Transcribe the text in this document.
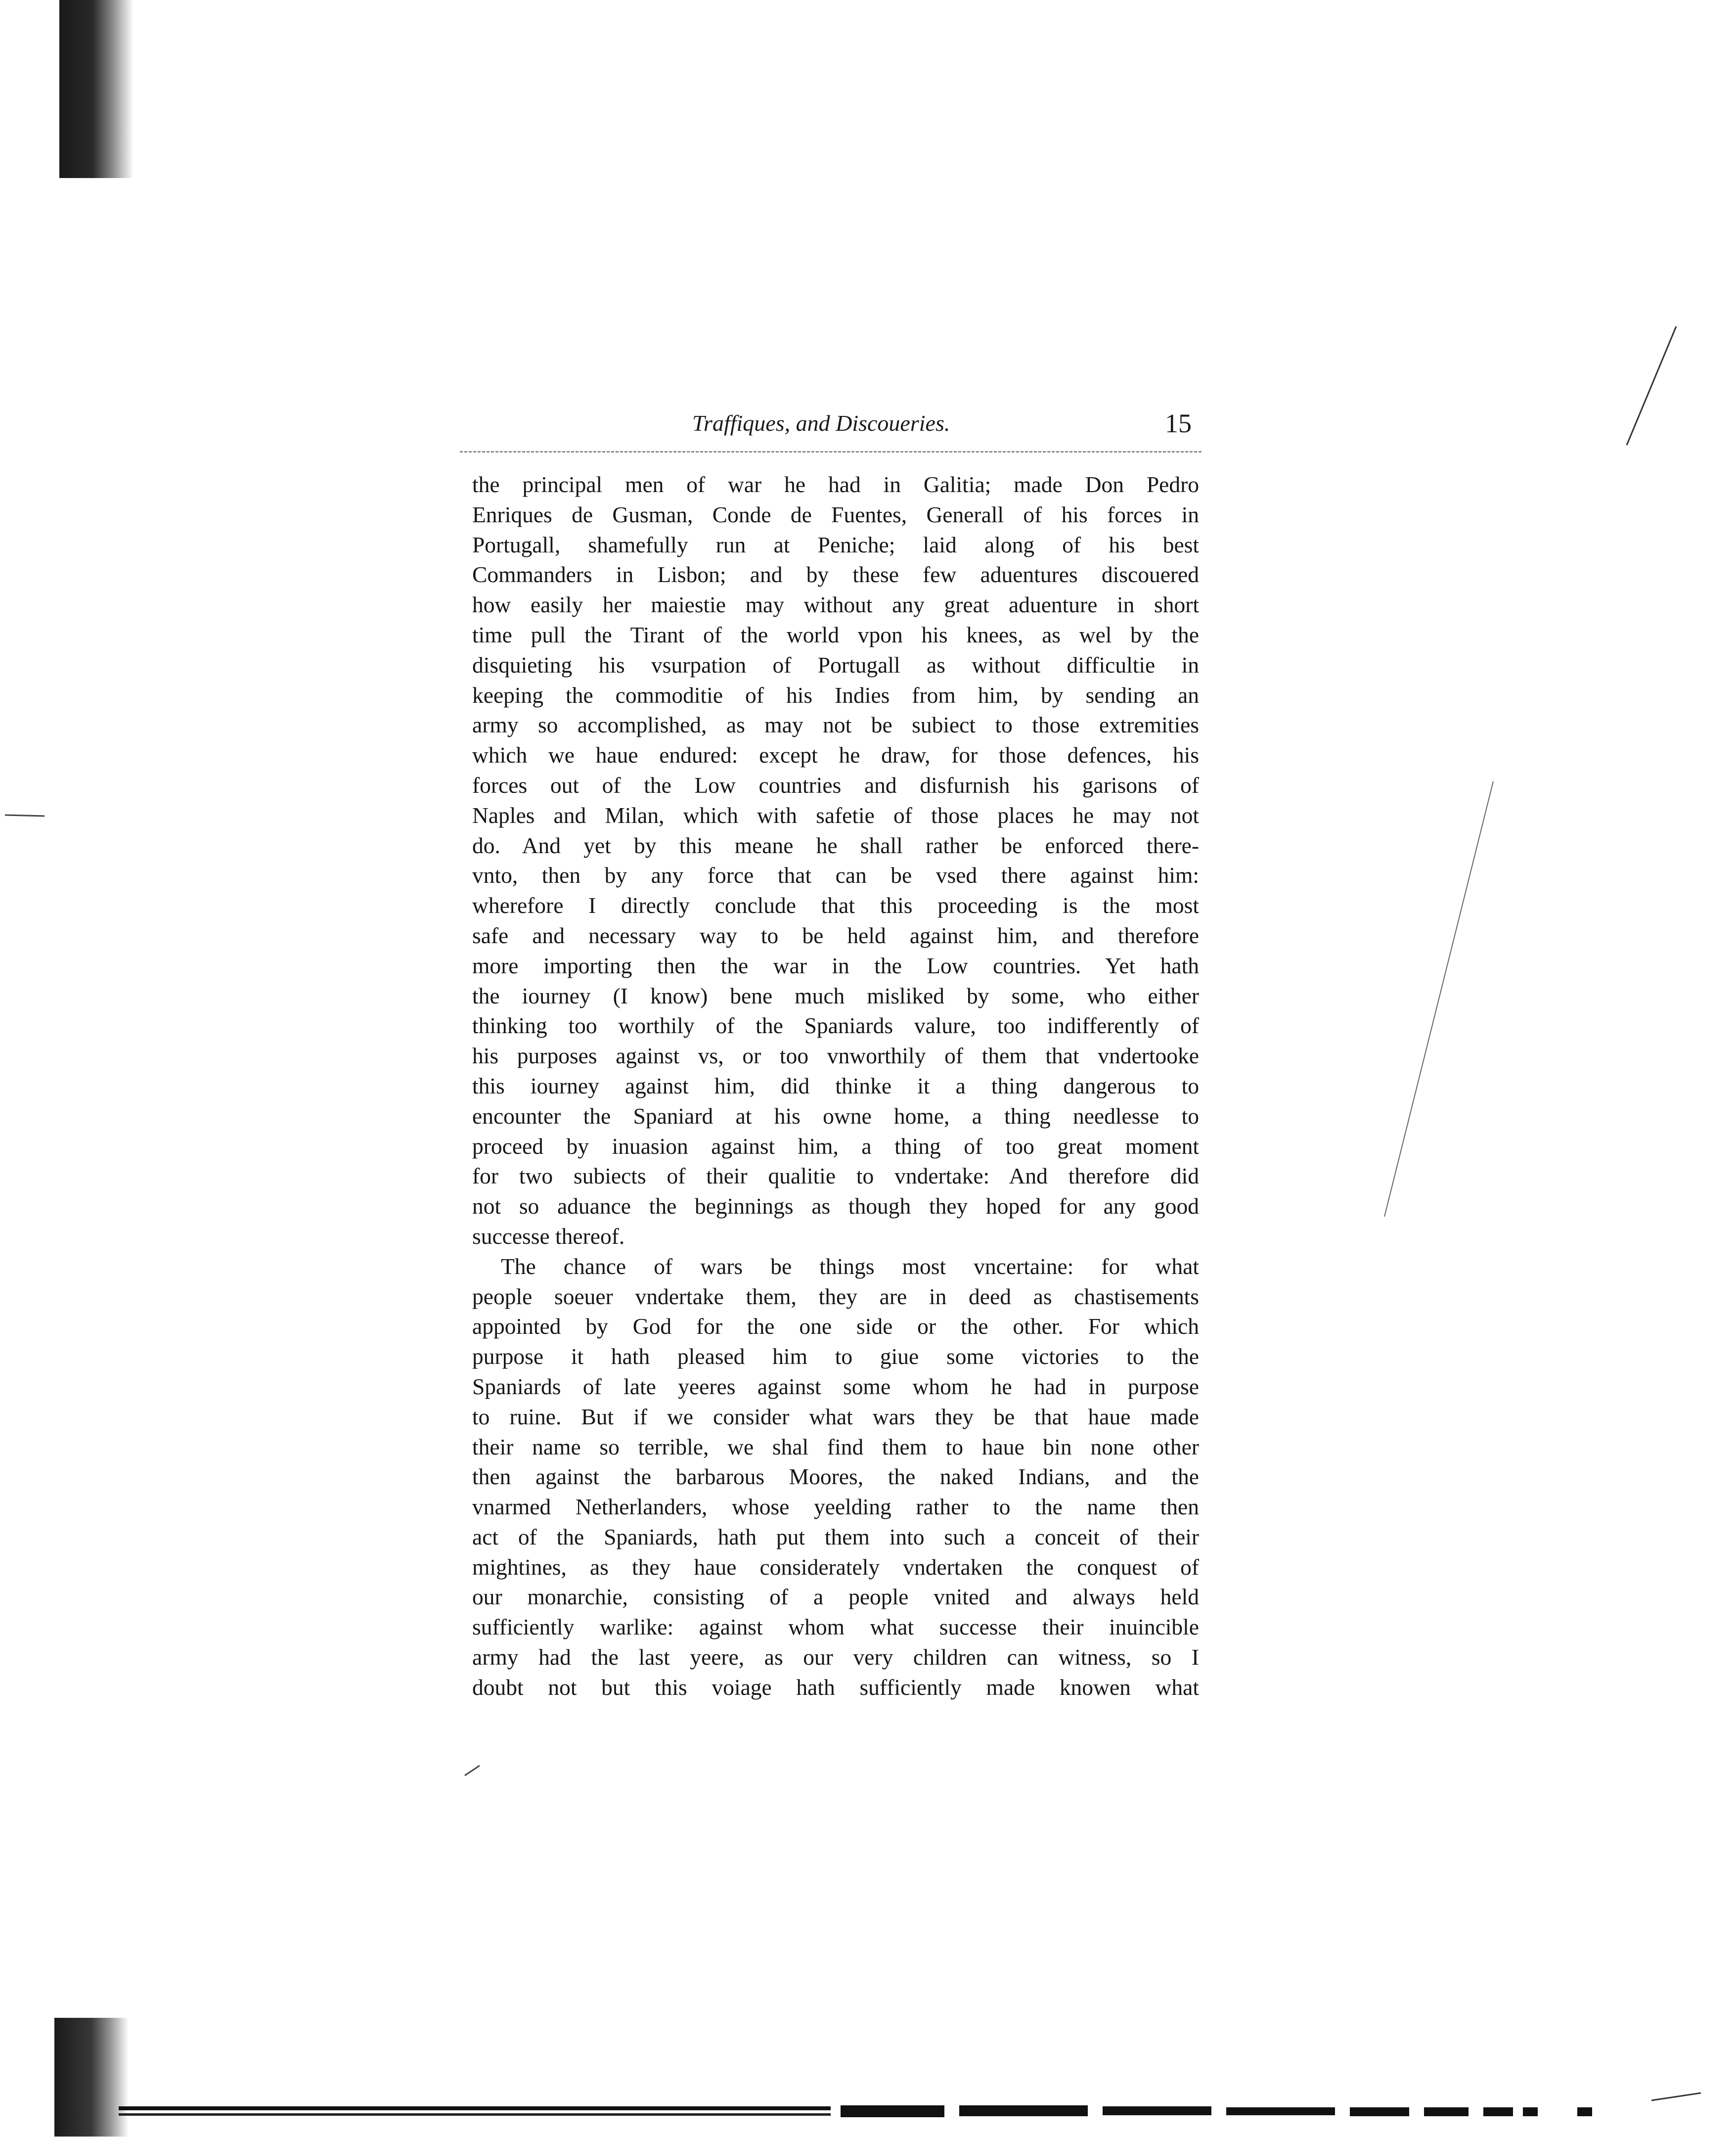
Traffiques, and Discoueries.	15
the principal men of war he had in Galitia; made Don Pedro
Enriques de Gusman, Conde de Fuentes, Generall of his forces in
Portugall, shamefully run at Peniche; laid along of his best
Commanders in Lisbon; and by these few aduentures discouered
how easily her maiestie may without any great aduenture in short
time pull the Tirant of the world vpon his knees, as wel by the
disquieting his vsurpation of Portugall as without difficultie in
keeping the commoditie of his Indies from him, by sending an
army so accomplished, as may not be subiect to those extremities
which we haue endured: except he draw, for those defences, his
forces out of the Low countries and disfurnish his garisons of
Naples and Milan, which with safetie of those places he may not
do. And yet by this meane he shall rather be enforced there-
vnto, then by any force that can be vsed there against him:
wherefore I directly conclude that this proceeding is the most
safe and necessary way to be held against him, and therefore
more importing then the war in the Low countries. Yet hath
the iourney (I know) bene much misliked by some, who either
thinking too worthily of the Spaniards valure, too indifferently of
his purposes against vs, or too vnworthily of them that vndertooke
this iourney against him, did thinke it a thing dangerous to
encounter the Spaniard at his owne home, a thing needlesse to
proceed by inuasion against him, a thing of too great moment
for two subiects of their qualitie to vndertake: And therefore did
not so aduance the beginnings as though they hoped for any good
successe thereof.
The chance of wars be things most vncertaine: for what
people soeuer vndertake them, they are in deed as chastisements
appointed by God for the one side or the other. For which
purpose it hath pleased him to giue some victories to the
Spaniards of late yeeres against some whom he had in purpose
to ruine. But if we consider what wars they be that haue made
their name so terrible, we shal find them to haue bin none other
then against the barbarous Moores, the naked Indians, and the
vnarmed Netherlanders, whose yeelding rather to the name then
act of the Spaniards, hath put them into such a conceit of their
mightines, as they haue considerately vndertaken the conquest of
our monarchie, consisting of a people vnited and always held
sufficiently warlike: against whom what successe their inuincible
army had the last yeere, as our very children can witness, so I
doubt not but this voiage hath sufficiently made knowen what
